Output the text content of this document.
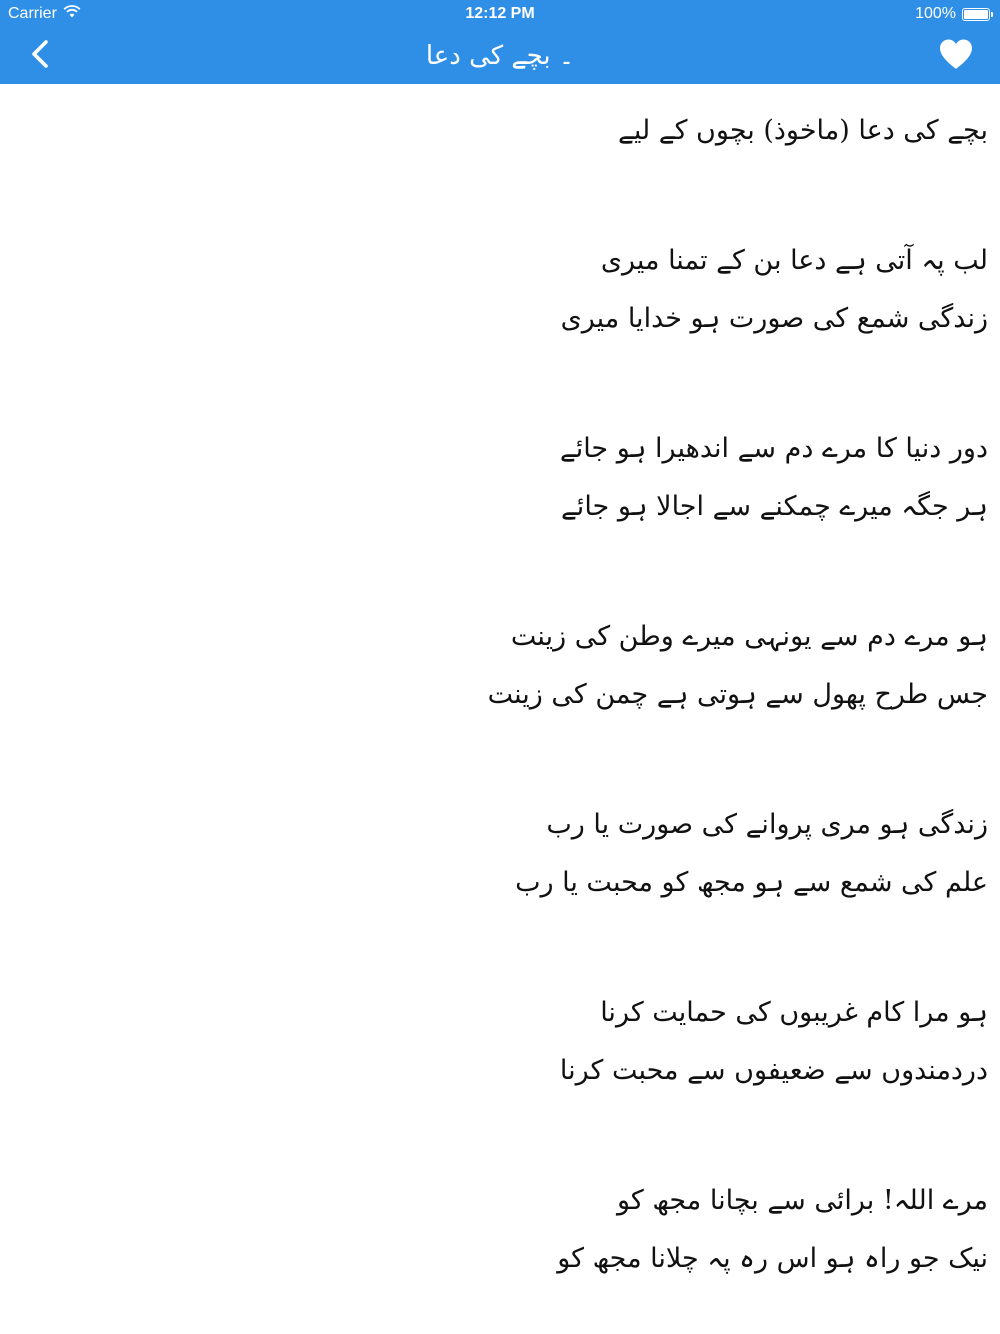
Carrier	12:12 PM	100%
۔ بچے کی دعا
بچے کی دعا (ماخوذ) بچوں کے لیے
لب پہ آتی ہے دعا بن کے تمنا میری
زندگی شمع کی صورت ہو خدایا میری
دور دنیا کا مرے دم سے اندھیرا ہو جائے
ہر جگہ میرے چمکنے سے اجالا ہو جائے
ہو مرے دم سے یونہی میرے وطن کی زینت
جس طرح پھول سے ہوتی ہے چمن کی زینت
زندگی ہو مری پروانے کی صورت یا رب
علم کی شمع سے ہو مجھ کو محبت یا رب
ہو مرا کام غریبوں کی حمایت کرنا
دردمندوں سے ضعیفوں سے محبت کرنا
مرے اللہ! برائی سے بچانا مجھ کو
نیک جو راہ ہو اس رہ پہ چلانا مجھ کو
